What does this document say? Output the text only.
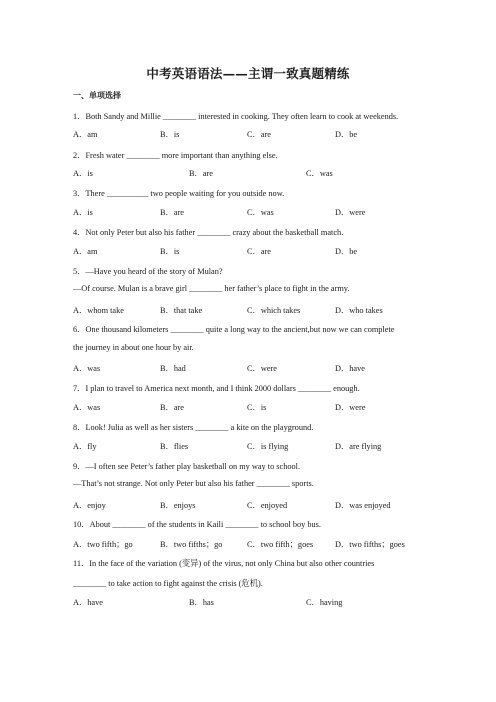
中考英语语法——主谓一致真题精练
一、单项选择
1．Both Sandy and Millie ________ interested in cooking. They often learn to cook at weekends.
A．am	B．is	C．are	D．be
2．Fresh water ________ more important than anything else.
A．is	B．are	C．was
3．There __________ two people waiting for you outside now.
A．is	B．are	C．was	D．were
4．Not only Peter but also his father ________ crazy about the basketball match.
A．am	B．is	C．are	D．be
5．—Have you heard of the story of Mulan?
—Of course. Mulan is a brave girl ________ her father’s place to fight in the army.
A．whom take	B．that take	C．which takes	D．who takes
6．One thousand kilometers ________ quite a long way to the ancient,but now we can complete
the journey in about one hour by air.
A．was	B．had	C．were	D．have
7．I plan to travel to America next month, and I think 2000 dollars ________ enough.
A．was	B．are	C．is	D．were
8．Look! Julia as well as her sisters ________ a kite on the playground.
A．fly	B．flies	C．is flying	D．are flying
9．—I often see Peter’s father play basketball on my way to school.
—That’s not strange. Not only Peter but also his father ________ sports.
A．enjoy	B．enjoys	C．enjoyed	D．was enjoyed
10．About ________ of the students in Kaili ________ to school boy bus.
A．two fifth；go	B．two fifths；go	C．two fifth；goes	D．two fifths；goes
11．In the face of the variation (变异) of the virus, not only China but also other countries
________ to take action to fight against the crisis (危机).
A．have	B．has	C．having
